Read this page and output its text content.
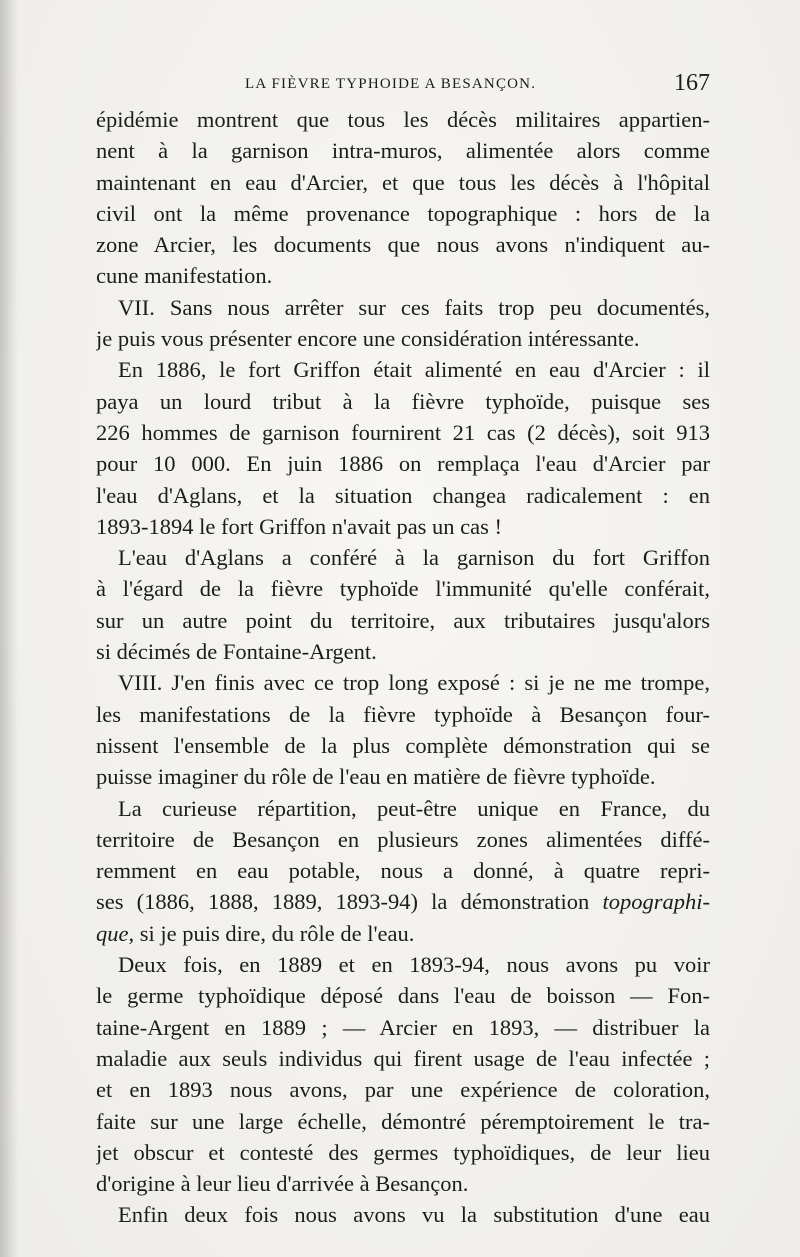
LA FIÈVRE TYPHOIDE A BESANÇON.	167
épidémie montrent que tous les décès militaires appartien-
nent à la garnison intra-muros, alimentée alors comme
maintenant en eau d'Arcier, et que tous les décès à l'hôpital
civil ont la même provenance topographique : hors de la
zone Arcier, les documents que nous avons n'indiquent au-
cune manifestation.
VII. Sans nous arrêter sur ces faits trop peu documentés,
je puis vous présenter encore une considération intéressante.
En 1886, le fort Griffon était alimenté en eau d'Arcier : il
paya un lourd tribut à la fièvre typhoïde, puisque ses
226 hommes de garnison fournirent 21 cas (2 décès), soit 913
pour 10 000. En juin 1886 on remplaça l'eau d'Arcier par
l'eau d'Aglans, et la situation changea radicalement : en
1893-1894 le fort Griffon n'avait pas un cas !
L'eau d'Aglans a conféré à la garnison du fort Griffon
à l'égard de la fièvre typhoïde l'immunité qu'elle conférait,
sur un autre point du territoire, aux tributaires jusqu'alors
si décimés de Fontaine-Argent.
VIII. J'en finis avec ce trop long exposé : si je ne me trompe,
les manifestations de la fièvre typhoïde à Besançon four-
nissent l'ensemble de la plus complète démonstration qui se
puisse imaginer du rôle de l'eau en matière de fièvre typhoïde.
La curieuse répartition, peut-être unique en France, du
territoire de Besançon en plusieurs zones alimentées diffé-
remment en eau potable, nous a donné, à quatre repri-
ses (1886, 1888, 1889, 1893-94) la démonstration topographi-
que, si je puis dire, du rôle de l'eau.
Deux fois, en 1889 et en 1893-94, nous avons pu voir
le germe typhoïdique déposé dans l'eau de boisson — Fon-
taine-Argent en 1889 ; — Arcier en 1893, — distribuer la
maladie aux seuls individus qui firent usage de l'eau infectée ;
et en 1893 nous avons, par une expérience de coloration,
faite sur une large échelle, démontré péremptoirement le tra-
jet obscur et contesté des germes typhoïdiques, de leur lieu
d'origine à leur lieu d'arrivée à Besançon.
Enfin deux fois nous avons vu la substitution d'une eau
